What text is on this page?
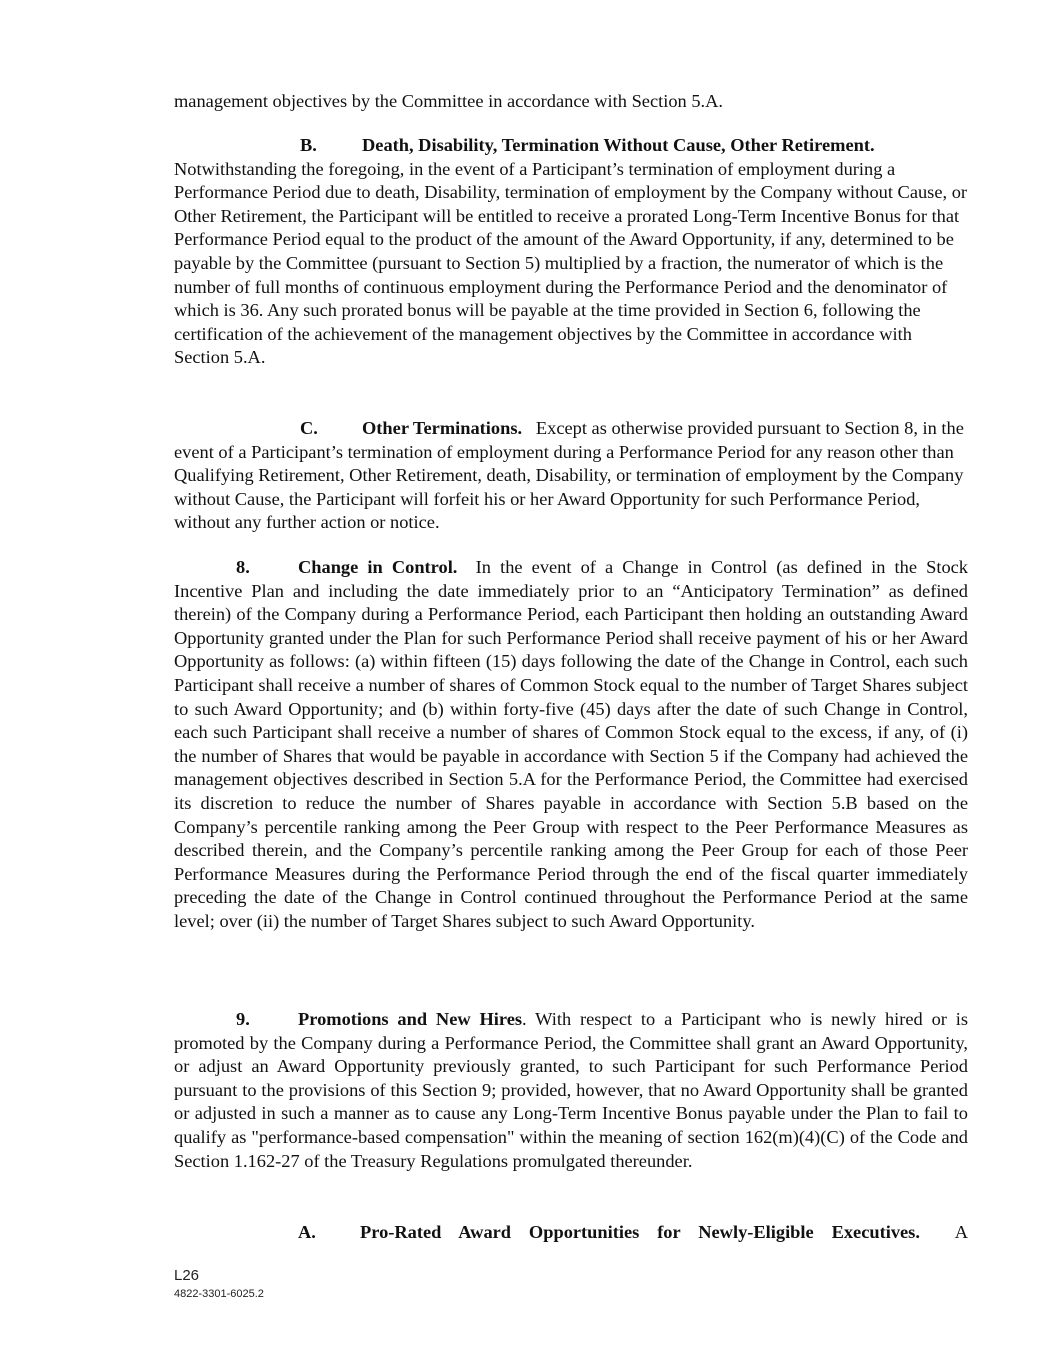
management objectives by the Committee in accordance with Section 5.A.

B. Death, Disability, Termination Without Cause, Other Retirement. Notwithstanding the foregoing, in the event of a Participant’s termination of employment during a Performance Period due to death, Disability, termination of employment by the Company without Cause, or Other Retirement, the Participant will be entitled to receive a prorated Long-Term Incentive Bonus for that Performance Period equal to the product of the amount of the Award Opportunity, if any, determined to be payable by the Committee (pursuant to Section 5) multiplied by a fraction, the numerator of which is the number of full months of continuous employment during the Performance Period and the denominator of which is 36. Any such prorated bonus will be payable at the time provided in Section 6, following the certification of the achievement of the management objectives by the Committee in accordance with Section 5.A.

C. Other Terminations. Except as otherwise provided pursuant to Section 8, in the event of a Participant’s termination of employment during a Performance Period for any reason other than Qualifying Retirement, Other Retirement, death, Disability, or termination of employment by the Company without Cause, the Participant will forfeit his or her Award Opportunity for such Performance Period, without any further action or notice.

8.	Change in Control. In the event of a Change in Control (as defined in the Stock Incentive Plan and including the date immediately prior to an “Anticipatory Termination” as defined therein) of the Company during a Performance Period, each Participant then holding an outstanding Award Opportunity granted under the Plan for such Performance Period shall receive payment of his or her Award Opportunity as follows: (a) within fifteen (15) days following the date of the Change in Control, each such Participant shall receive a number of shares of Common Stock equal to the number of Target Shares subject to such Award Opportunity; and (b) within forty-five (45) days after the date of such Change in Control, each such Participant shall receive a number of shares of Common Stock equal to the excess, if any, of (i) the number of Shares that would be payable in accordance with Section 5 if the Company had achieved the management objectives described in Section 5.A for the Performance Period, the Committee had exercised its discretion to reduce the number of Shares payable in accordance with Section 5.B based on the Company’s percentile ranking among the Peer Group with respect to the Peer Performance Measures as described therein, and the Company’s percentile ranking among the Peer Group for each of those Peer Performance Measures during the Performance Period through the end of the fiscal quarter immediately preceding the date of the Change in Control continued throughout the Performance Period at the same level; over (ii) the number of Target Shares subject to such Award Opportunity.

9.	Promotions and New Hires. With respect to a Participant who is newly hired or is promoted by the Company during a Performance Period, the Committee shall grant an Award Opportunity, or adjust an Award Opportunity previously granted, to such Participant for such Performance Period pursuant to the provisions of this Section 9; provided, however, that no Award Opportunity shall be granted or adjusted in such a manner as to cause any Long-Term Incentive Bonus payable under the Plan to fail to qualify as "performance-based compensation" within the meaning of section 162(m)(4)(C) of the Code and Section 1.162-27 of the Treasury Regulations promulgated thereunder.

A. Pro-Rated Award Opportunities for Newly-Eligible Executives. A

L26
4822-3301-6025.2
